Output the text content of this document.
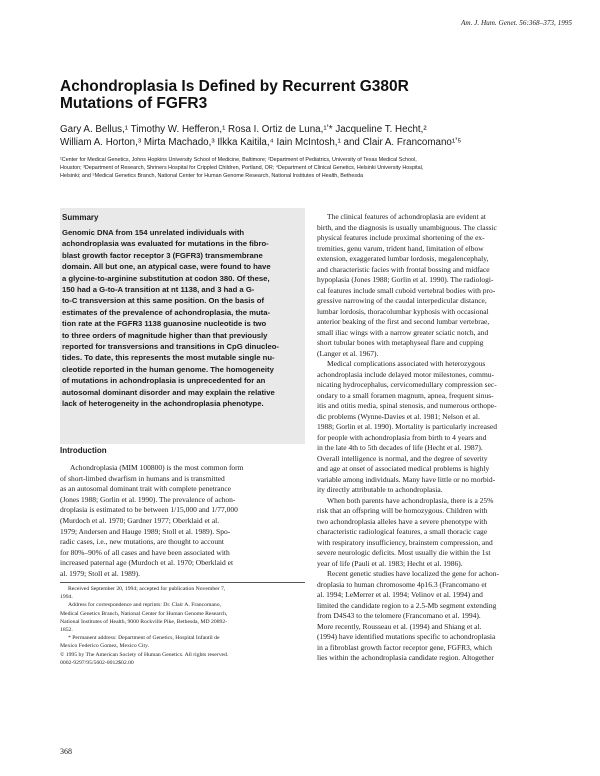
Am. J. Hum. Genet. 56:368–373, 1995
Achondroplasia Is Defined by Recurrent G380R
Mutations of FGFR3
Gary A. Bellus,¹ Timothy W. Hefferon,¹ Rosa I. Ortiz de Luna,¹ʼ* Jacqueline T. Hecht,²
William A. Horton,³ Mirta Machado,³ Ilkka Kaitila,⁴ Iain McIntosh,¹ and Clair A. Francomano¹ʼ⁵
¹Center for Medical Genetics, Johns Hopkins University School of Medicine, Baltimore; ²Department of Pediatrics, University of Texas Medical School,
Houston; ³Department of Research, Shriners Hospital for Crippled Children, Portland, OR; ⁴Department of Clinical Genetics, Helsinki University Hospital,
Helsinki; and ⁵Medical Genetics Branch, National Center for Human Genome Research, National Institutes of Health, Bethesda
Summary

Genomic DNA from 154 unrelated individuals with
achondroplasia was evaluated for mutations in the fibro-
blast growth factor receptor 3 (FGFR3) transmembrane
domain. All but one, an atypical case, were found to have
a glycine-to-arginine substitution at codon 380. Of these,
150 had a G-to-A transition at nt 1138, and 3 had a G-
to-C transversion at this same position. On the basis of
estimates of the prevalence of achondroplasia, the muta-
tion rate at the FGFR3 1138 guanosine nucleotide is two
to three orders of magnitude higher than that previously
reported for transversions and transitions in CpG dinucleo-
tides. To date, this represents the most mutable single nu-
cleotide reported in the human genome. The homogeneity
of mutations in achondroplasia is unprecedented for an
autosomal dominant disorder and may explain the relative
lack of heterogeneity in the achondroplasia phenotype.

Introduction

Achondroplasia (MIM 100800) is the most common form
of short-limbed dwarfism in humans and is transmitted
as an autosomal dominant trait with complete penetrance
(Jones 1988; Gorlin et al. 1990). The prevalence of achon-
droplasia is estimated to be between 1/15,000 and 1/77,000
(Murdoch et al. 1970; Gardner 1977; Oberklaid et al.
1979; Andersen and Hauge 1989; Stoll et al. 1989). Spo-
radic cases, i.e., new mutations, are thought to account
for 80%–90% of all cases and have been associated with
increased paternal age (Murdoch et al. 1970; Oberklaid et
al. 1979; Stoll et al. 1989).

Received September 20, 1994; accepted for publication November 7,
1994.
Address for correspondence and reprints: Dr. Clair A. Francomano,
Medical Genetics Branch, National Center for Human Genome Research,
National Institutes of Health, 9000 Rockville Pike, Bethesda, MD 20892-
1852.
* Permanent address: Department of Genetics, Hospital Infantil de
Mexico Federico Gomez, Mexico City.
© 1995 by The American Society of Human Genetics. All rights reserved.
0002-9297/95/5602-0012$02.00

The clinical features of achondroplasia are evident at
birth, and the diagnosis is usually unambiguous. The classic
physical features include proximal shortening of the ex-
tremities, genu varum, trident hand, limitation of elbow
extension, exaggerated lumbar lordosis, megalencephaly,
and characteristic facies with frontal bossing and midface
hypoplasia (Jones 1988; Gorlin et al. 1990). The radiologi-
cal features include small cuboid vertebral bodies with pro-
gressive narrowing of the caudal interpedicular distance,
lumbar lordosis, thoracolumbar kyphosis with occasional
anterior beaking of the first and second lumbar vertebrae,
small iliac wings with a narrow greater sciatic notch, and
short tubular bones with metaphyseal flare and cupping
(Langer et al. 1967).

Medical complications associated with heterozygous
achondroplasia include delayed motor milestones, commu-
nicating hydrocephalus, cervicomedullary compression sec-
ondary to a small foramen magnum, apnea, frequent sinus-
itis and otitis media, spinal stenosis, and numerous orthope-
dic problems (Wynne-Davies et al. 1981; Nelson et al.
1988; Gorlin et al. 1990). Mortality is particularly increased
for people with achondroplasia from birth to 4 years and
in the late 4th to 5th decades of life (Hecht et al. 1987).
Overall intelligence is normal, and the degree of severity
and age at onset of associated medical problems is highly
variable among individuals. Many have little or no morbid-
ity directly attributable to achondroplasia.

When both parents have achondroplasia, there is a 25%
risk that an offspring will be homozygous. Children with
two achondroplasia alleles have a severe phenotype with
characteristic radiological features, a small thoracic cage
with respiratory insufficiency, brainstem compression, and
severe neurologic deficits. Most usually die within the 1st
year of life (Pauli et al. 1983; Hecht et al. 1986).

Recent genetic studies have localized the gene for achon-
droplasia to human chromosome 4p16.3 (Francomano et
al. 1994; LeMerrer et al. 1994; Velinov et al. 1994) and
limited the candidate region to a 2.5-Mb segment extending
from D4S43 to the telomere (Francomano et al. 1994).
More recently, Rousseau et al. (1994) and Shiang et al.
(1994) have identified mutations specific to achondroplasia
in a fibroblast growth factor receptor gene, FGFR3, which
lies within the achondroplasia candidate region. Altogether

368
